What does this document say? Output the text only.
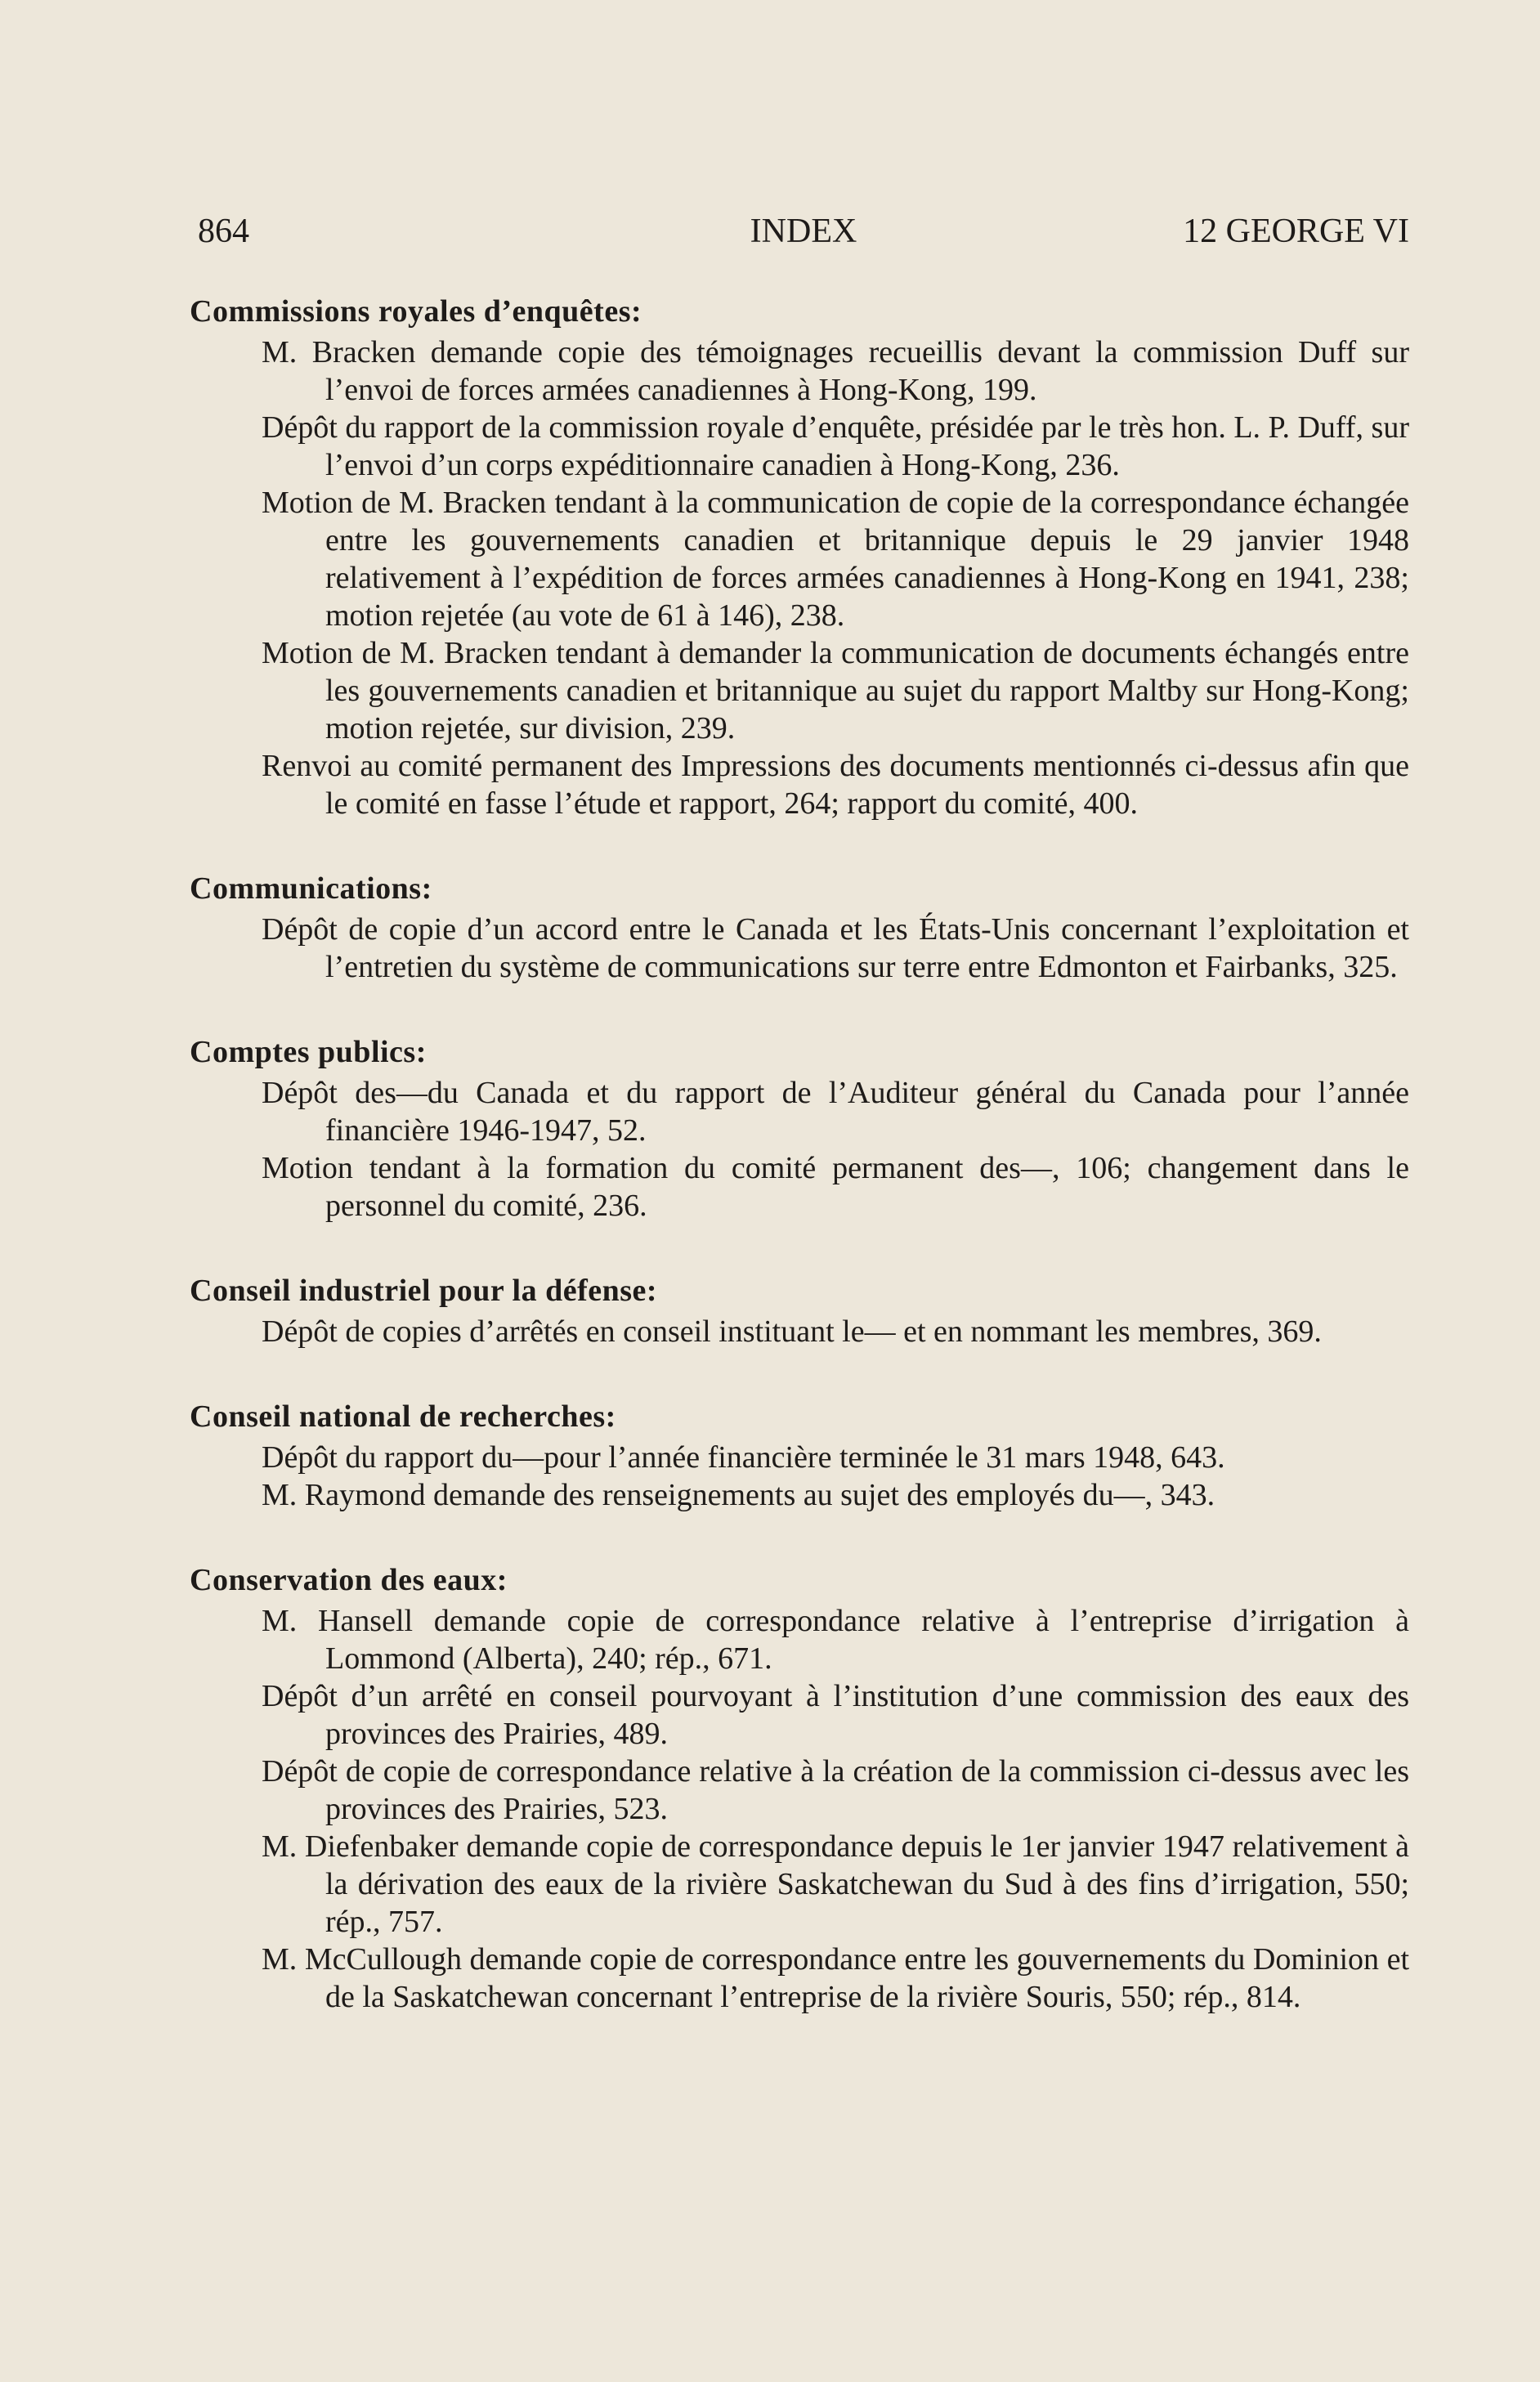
864	INDEX	12 GEORGE VI
Commissions royales d’enquêtes:
M. Bracken demande copie des témoignages recueillis devant la commission Duff sur l’envoi de forces armées canadiennes à Hong-Kong, 199.
Dépôt du rapport de la commission royale d’enquête, présidée par le très hon. L. P. Duff, sur l’envoi d’un corps expéditionnaire canadien à Hong-Kong, 236.
Motion de M. Bracken tendant à la communication de copie de la correspondance échangée entre les gouvernements canadien et britannique depuis le 29 janvier 1948 relativement à l’expédition de forces armées canadiennes à Hong-Kong en 1941, 238; motion rejetée (au vote de 61 à 146), 238.
Motion de M. Bracken tendant à demander la communication de documents échangés entre les gouvernements canadien et britannique au sujet du rapport Maltby sur Hong-Kong; motion rejetée, sur division, 239.
Renvoi au comité permanent des Impressions des documents mentionnés ci-dessus afin que le comité en fasse l’étude et rapport, 264; rapport du comité, 400.
Communications:
Dépôt de copie d’un accord entre le Canada et les États-Unis concernant l’exploitation et l’entretien du système de communications sur terre entre Edmonton et Fairbanks, 325.
Comptes publics:
Dépôt des—du Canada et du rapport de l’Auditeur général du Canada pour l’année financière 1946-1947, 52.
Motion tendant à la formation du comité permanent des—, 106; changement dans le personnel du comité, 236.
Conseil industriel pour la défense:
Dépôt de copies d’arrêtés en conseil instituant le— et en nommant les membres, 369.
Conseil national de recherches:
Dépôt du rapport du—pour l’année financière terminée le 31 mars 1948, 643.
M. Raymond demande des renseignements au sujet des employés du—, 343.
Conservation des eaux:
M. Hansell demande copie de correspondance relative à l’entreprise d’irrigation à Lommond (Alberta), 240; rép., 671.
Dépôt d’un arrêté en conseil pourvoyant à l’institution d’une commission des eaux des provinces des Prairies, 489.
Dépôt de copie de correspondance relative à la création de la commission ci-dessus avec les provinces des Prairies, 523.
M. Diefenbaker demande copie de correspondance depuis le 1er janvier 1947 relativement à la dérivation des eaux de la rivière Saskatchewan du Sud à des fins d’irrigation, 550; rép., 757.
M. McCullough demande copie de correspondance entre les gouvernements du Dominion et de la Saskatchewan concernant l’entreprise de la rivière Souris, 550; rép., 814.
